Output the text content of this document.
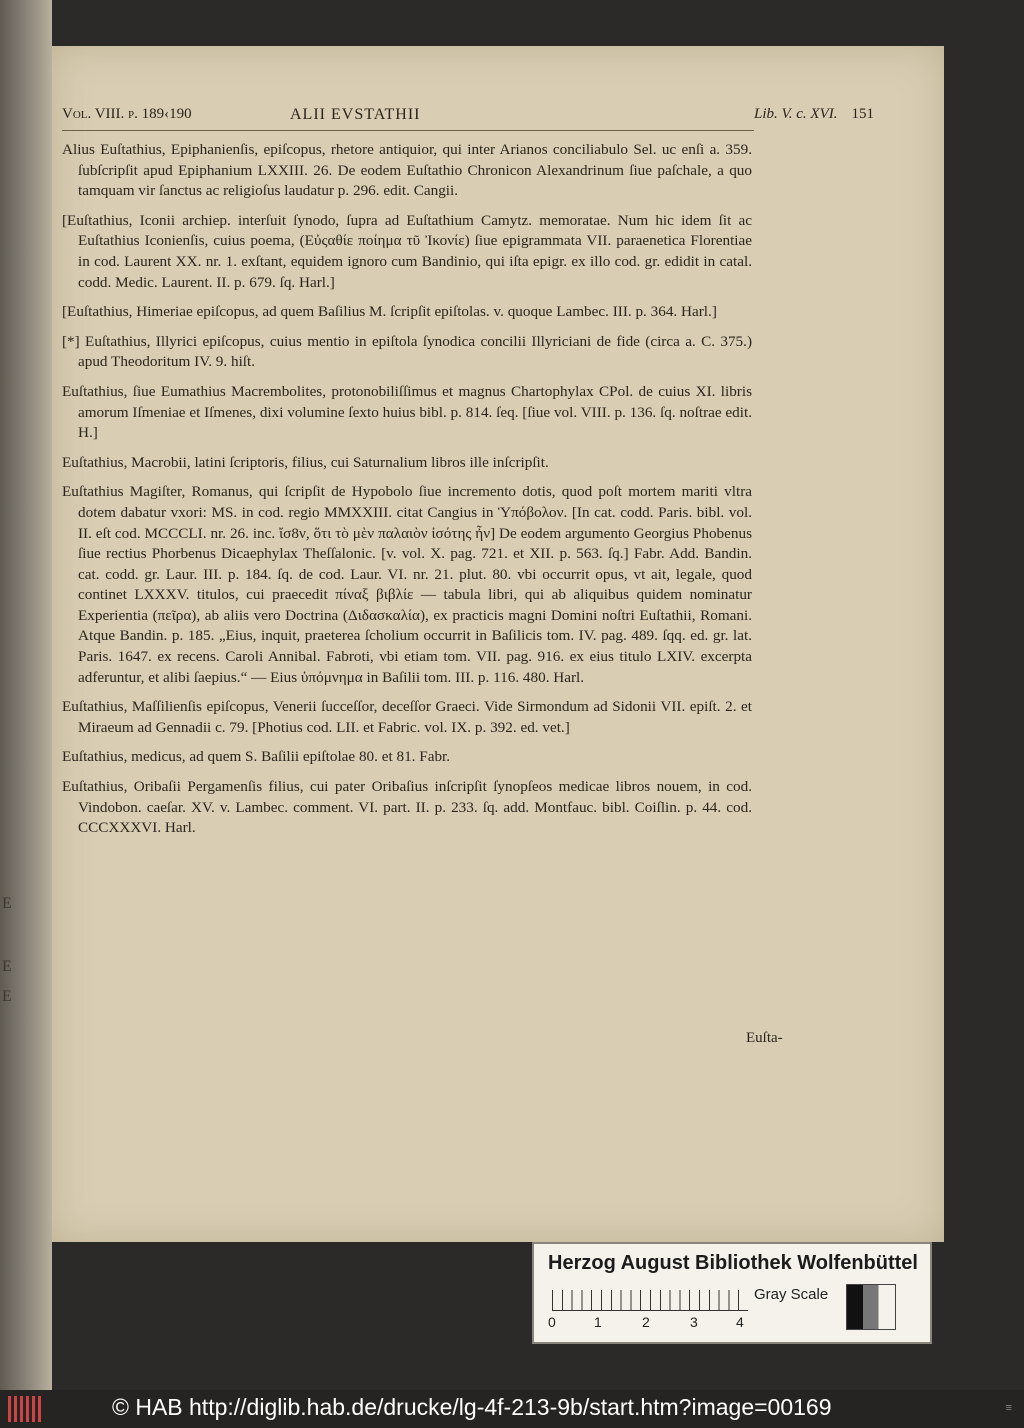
E
E
E
Vol. VIII. p. 189‹190	ALII EVSTATHII	Lib. V. c. XVI. 151

Alius Euſtathius, Epiphanienſis, epiſcopus, rhetore antiquior, qui inter Arianos conciliabulo Sel. uc enſi a. 359. ſubſcripſit apud Epiphanium LXXIII. 26. De eodem Euſtathio Chronicon Alexandrinum ſiue paſchale, a quo tamquam vir ſanctus ac religioſus laudatur p. 296. edit. Cangii.

[Euſtathius, Iconii archiep. interſuit ſynodo, ſupra ad Euſtathium Camytz. memoratae. Num hic idem ſit ac Euſtathius Iconienſis, cuius poema, (Εὐςαθίε ποίημα τῦ Ἰκονίε) ſiue epigrammata VII. paraenetica Florentiae in cod. Laurent XX. nr. 1. exſtant, equidem ignoro cum Bandinio, qui iſta epigr. ex illo cod. gr. edidit in catal. codd. Medic. Laurent. II. p. 679. ſq. Harl.]

[Euſtathius, Himeriae epiſcopus, ad quem Baſilius M. ſcripſit epiſtolas. v. quoque Lambec. III. p. 364. Harl.]

[*] Euſtathius, Illyrici epiſcopus, cuius mentio in epiſtola ſynodica concilii Illyriciani de fide (circa a. C. 375.) apud Theodoritum IV. 9. hiſt.

Euſtathius, ſiue Eumathius Macrembolites, protonobiliſſimus et magnus Chartophylax CPol. de cuius XI. libris amorum Iſmeniae et Iſmenes, dixi volumine ſexto huius bibl. p. 814. ſeq. [ſiue vol. VIII. p. 136. ſq. noſtrae edit. H.]

Euſtathius, Macrobii, latini ſcriptoris, filius, cui Saturnalium libros ille inſcripſit.

Euſtathius Magiſter, Romanus, qui ſcripſit de Hypobolo ſiue incremento dotis, quod poſt mortem mariti vltra dotem dabatur vxori: MS. in cod. regio MMXXIII. citat Cangius in Ὑπόβολον. [In cat. codd. Paris. bibl. vol. II. eſt cod. MCCCLI. nr. 26. inc. ἴσ8ν, ὅτι τὸ μὲν παλαιὸν ἰσότης ἦν] De eodem argumento Georgius Phobenus ſiue rectius Phorbenus Dicaephylax Theſſalonic. [v. vol. X. pag. 721. et XII. p. 563. ſq.] Fabr. Add. Bandin. cat. codd. gr. Laur. III. p. 184. ſq. de cod. Laur. VI. nr. 21. plut. 80. vbi occurrit opus, vt ait, legale, quod continet LXXXV. titulos, cui praecedit πίναξ βιβλίε — tabula libri, qui ab aliquibus quidem nominatur Experientia (πεῖρα), ab aliis vero Doctrina (Διδασκαλία), ex practicis magni Domini noſtri Euſtathii, Romani. Atque Bandin. p. 185. „Eius, inquit, praeterea ſcholium occurrit in Baſilicis tom. IV. pag. 489. ſqq. ed. gr. lat. Paris. 1647. ex recens. Caroli Annibal. Fabroti, vbi etiam tom. VII. pag. 916. ex eius titulo LXIV. excerpta adferuntur, et alibi ſaepius.“ — Eius ὑπόμνημα in Baſilii tom. III. p. 116. 480. Harl.

Euſtathius, Maſſilienſis epiſcopus, Venerii ſucceſſor, deceſſor Graeci. Vide Sirmondum ad Sidonii VII. epiſt. 2. et Miraeum ad Gennadii c. 79. [Photius cod. LII. et Fabric. vol. IX. p. 392. ed. vet.]

Euſtathius, medicus, ad quem S. Baſilii epiſtolae 80. et 81. Fabr.

Euſtathius, Oribaſii Pergamenſis filius, cui pater Oribaſius inſcripſit ſynopſeos medicae libros nouem, in cod. Vindobon. caeſar. XV. v. Lambec. comment. VI. part. II. p. 233. ſq. add. Montfauc. bibl. Coiſlin. p. 44. cod. CCCXXXVI. Harl.

Euſta-
Herzog August Bibliothek Wolfenbüttel
0	1	2	3	4
Gray Scale
© HAB http://diglib.hab.de/drucke/lg-4f-213-9b/start.htm?image=00169	≡
